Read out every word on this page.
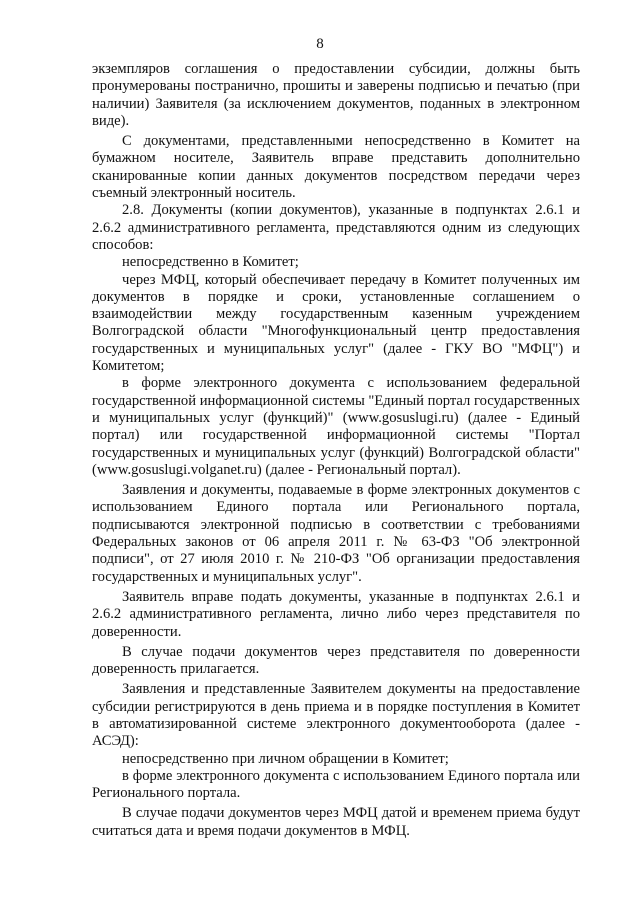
8

экземпляров соглашения о предоставлении субсидии, должны быть пронумерованы постранично, прошиты и заверены подписью и печатью (при наличии) Заявителя (за исключением документов, поданных в электронном виде).

С документами, представленными непосредственно в Комитет на бумажном носителе, Заявитель вправе представить дополнительно сканированные копии данных документов посредством передачи через съемный электронный носитель.

2.8. Документы (копии документов), указанные в подпунктах 2.6.1 и 2.6.2 административного регламента, представляются одним из следующих способов:

непосредственно в Комитет;

через МФЦ, который обеспечивает передачу в Комитет полученных им документов в порядке и сроки, установленные соглашением о взаимодействии между государственным казенным учреждением Волгоградской области "Многофункциональный центр предоставления государственных и муниципальных услуг" (далее - ГКУ ВО "МФЦ") и Комитетом;

в форме электронного документа с использованием федеральной государственной информационной системы "Единый портал государственных и муниципальных услуг (функций)" (www.gosuslugi.ru) (далее - Единый портал) или государственной информационной системы "Портал государственных и муниципальных услуг (функций) Волгоградской области" (www.gosuslugi.volganet.ru) (далее - Региональный портал).

Заявления и документы, подаваемые в форме электронных документов с использованием Единого портала или Регионального портала, подписываются электронной подписью в соответствии с требованиями Федеральных законов от 06 апреля 2011 г. № 63-ФЗ "Об электронной подписи", от 27 июля 2010 г. № 210-ФЗ "Об организации предоставления государственных и муниципальных услуг".

Заявитель вправе подать документы, указанные в подпунктах 2.6.1 и 2.6.2 административного регламента, лично либо через представителя по доверенности.

В случае подачи документов через представителя по доверенности доверенность прилагается.

Заявления и представленные Заявителем документы на предоставление субсидии регистрируются в день приема и в порядке поступления в Комитет в автоматизированной системе электронного документооборота (далее - АСЭД):

непосредственно при личном обращении в Комитет;

в форме электронного документа с использованием Единого портала или Регионального портала.

В случае подачи документов через МФЦ датой и временем приема будут считаться дата и время подачи документов в МФЦ.
